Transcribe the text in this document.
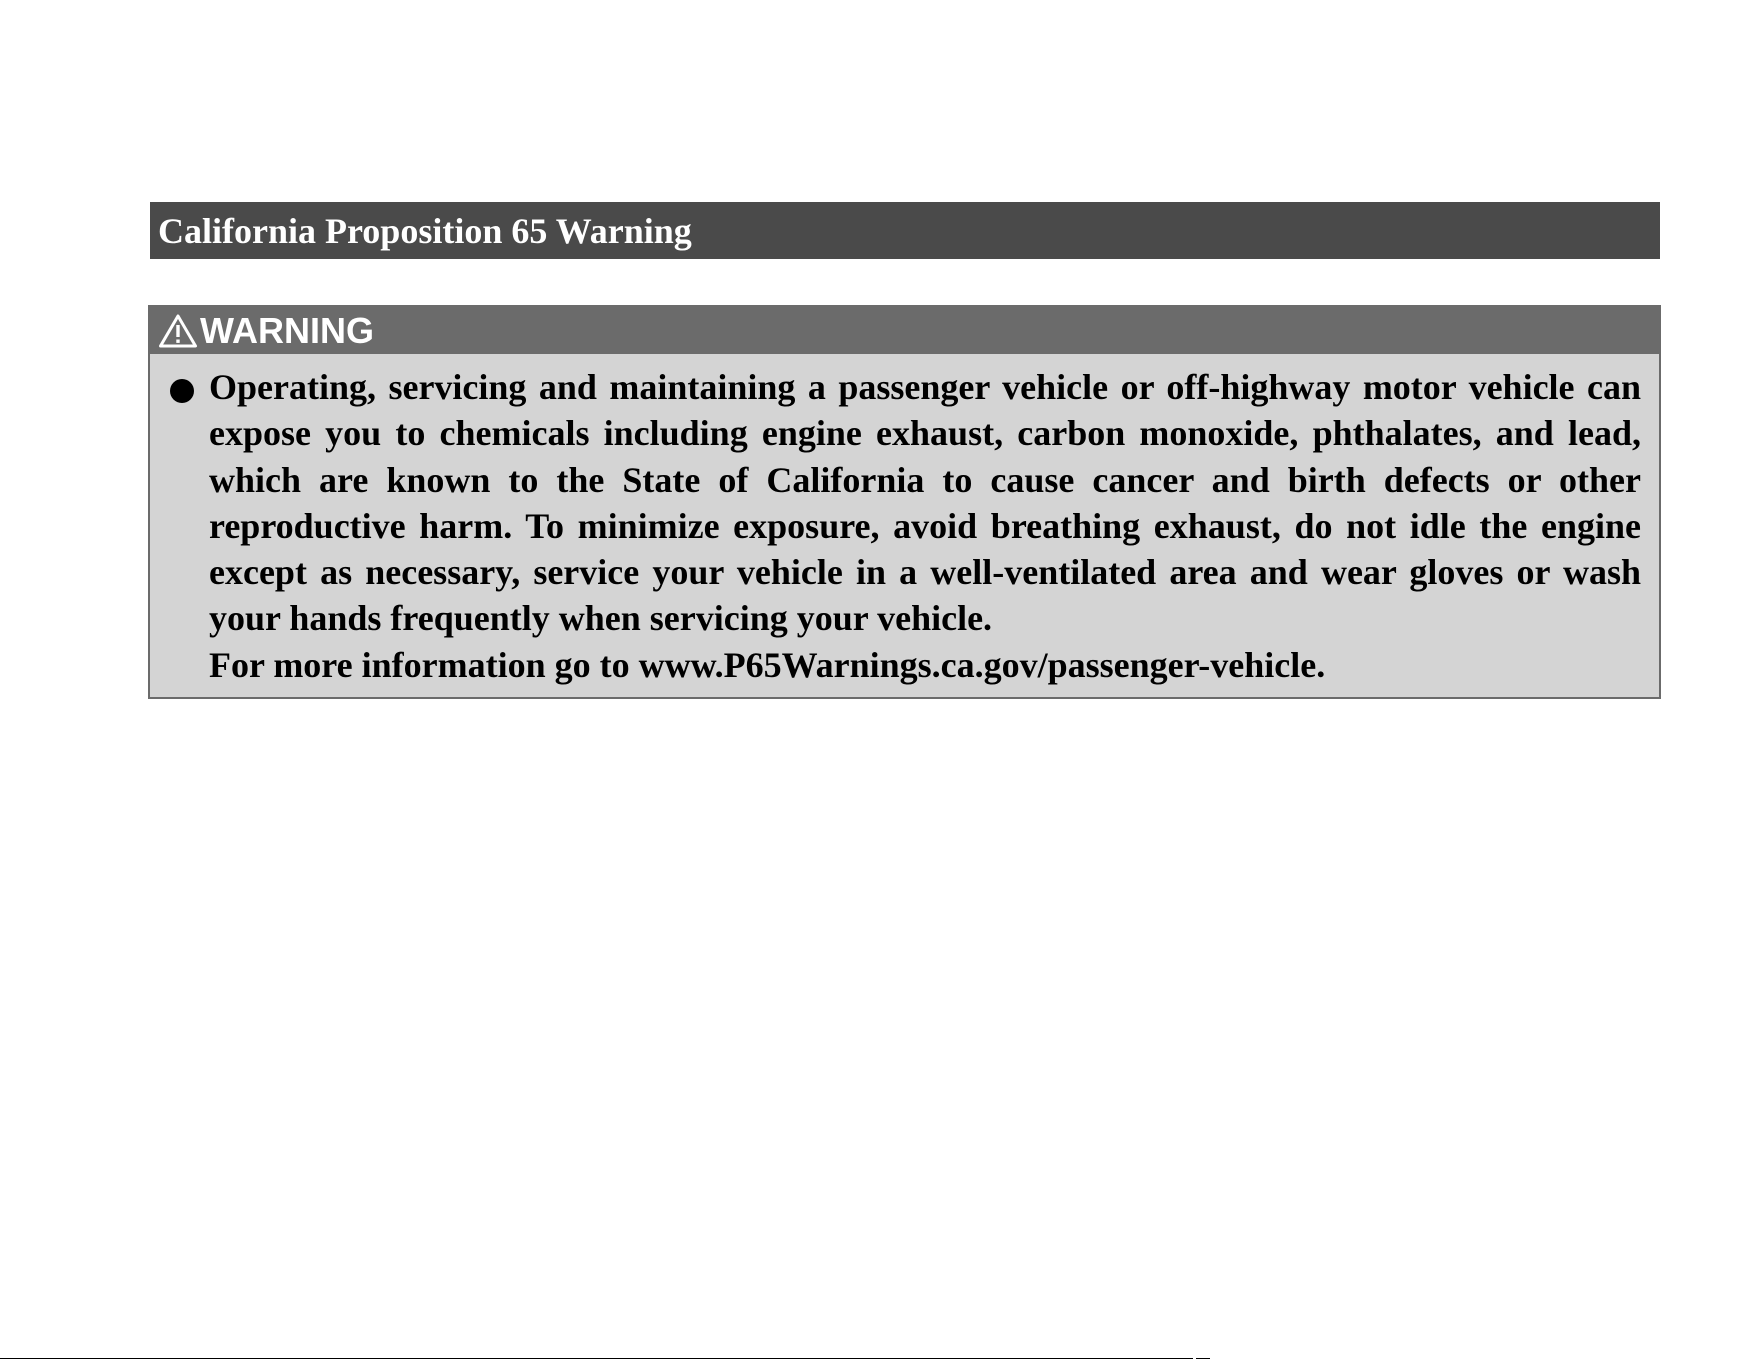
California Proposition 65 Warning
WARNING

Operating, servicing and maintaining a passenger vehicle or off-highway motor vehicle can expose you to chemicals including engine exhaust, carbon monoxide, phthalates, and lead, which are known to the State of California to cause cancer and birth defects or other reproductive harm. To minimize exposure, avoid breathing exhaust, do not idle the engine except as necessary, service your vehicle in a well-ventilated area and wear gloves or wash your hands frequently when servicing your vehicle.

For more information go to www.P65Warnings.ca.gov/passenger-vehicle.
